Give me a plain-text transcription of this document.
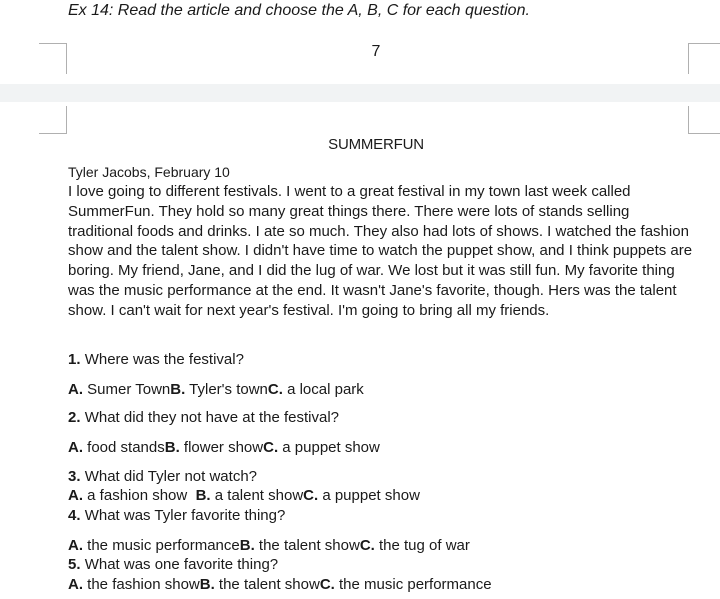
Ex 14: Read the article and choose the A, B, C for each question.
7
SUMMERFUN
Tyler Jacobs, February 10

I love going to different festivals. I went to a great festival in my town last week called SummerFun. They hold so many great things there. There were lots of stands selling traditional foods and drinks. I ate so much. They also had lots of shows. I watched the fashion show and the talent show. I didn't have time to watch the puppet show, and I think puppets are boring. My friend, Jane, and I did the lug of war. We lost but it was still fun. My favorite thing was the music performance at the end. It wasn't Jane's favorite, though. Hers was the talent show. I can't wait for next year's festival. I'm going to bring all my friends.

1. Where was the festival?
A. Sumer TownB. Tyler's townC. a local park
2. What did they not have at the festival?
A. food standsB. flower showC. a puppet show
3. What did Tyler not watch?
A. a fashion show B. a talent showC. a puppet show
4. What was Tyler favorite thing?
A. the music performanceB. the talent showC. the tug of war
5. What was one favorite thing?
A. the fashion showB. the talent showC. the music performance
